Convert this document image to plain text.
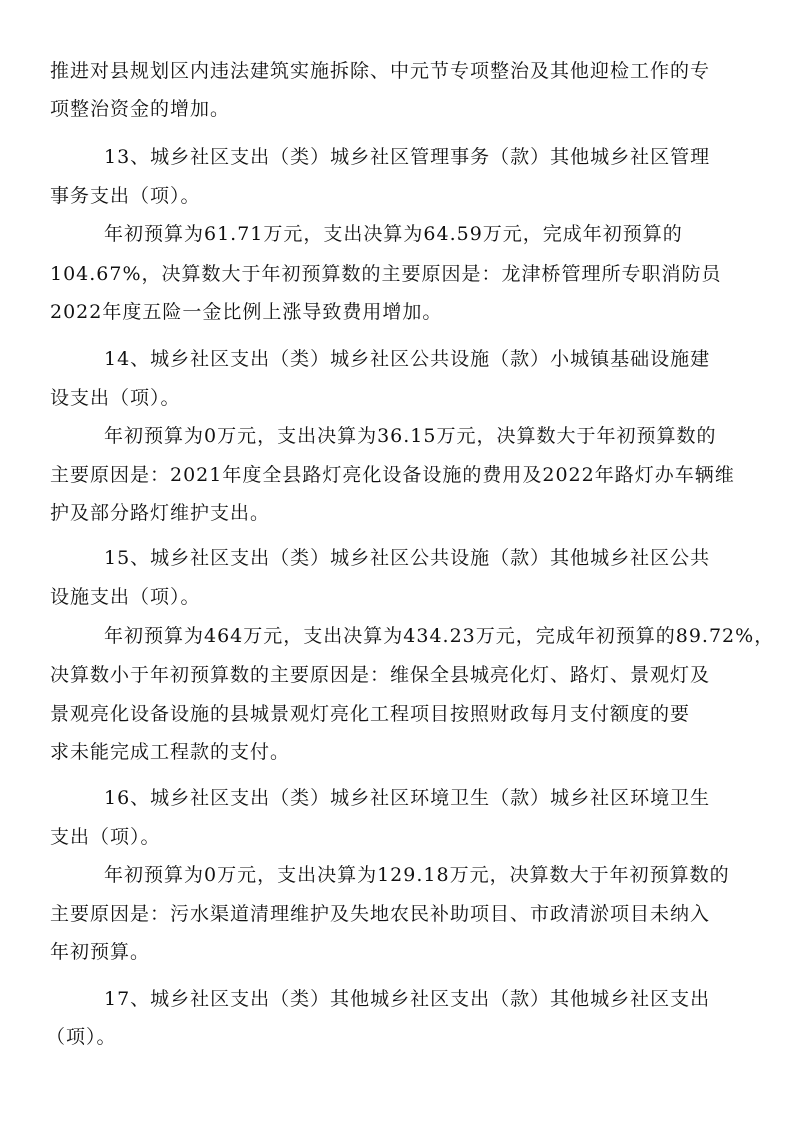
推进对县规划区内违法建筑实施拆除、中元节专项整治及其他迎检工作的专
项整治资金的增加。
13、城乡社区支出（类）城乡社区管理事务（款）其他城乡社区管理
事务支出（项）。
年初预算为61.71万元，支出决算为64.59万元，完成年初预算的
104.67%，决算数大于年初预算数的主要原因是：龙津桥管理所专职消防员
2022年度五险一金比例上涨导致费用增加。
14、城乡社区支出（类）城乡社区公共设施（款）小城镇基础设施建
设支出（项）。
年初预算为0万元，支出决算为36.15万元，决算数大于年初预算数的
主要原因是：2021年度全县路灯亮化设备设施的费用及2022年路灯办车辆维
护及部分路灯维护支出。
15、城乡社区支出（类）城乡社区公共设施（款）其他城乡社区公共
设施支出（项）。
年初预算为464万元，支出决算为434.23万元，完成年初预算的89.72%，
决算数小于年初预算数的主要原因是：维保全县城亮化灯、路灯、景观灯及
景观亮化设备设施的县城景观灯亮化工程项目按照财政每月支付额度的要
求未能完成工程款的支付。
16、城乡社区支出（类）城乡社区环境卫生（款）城乡社区环境卫生
支出（项）。
年初预算为0万元，支出决算为129.18万元，决算数大于年初预算数的
主要原因是：污水渠道清理维护及失地农民补助项目、市政清淤项目未纳入
年初预算。
17、城乡社区支出（类）其他城乡社区支出（款）其他城乡社区支出
（项）。
